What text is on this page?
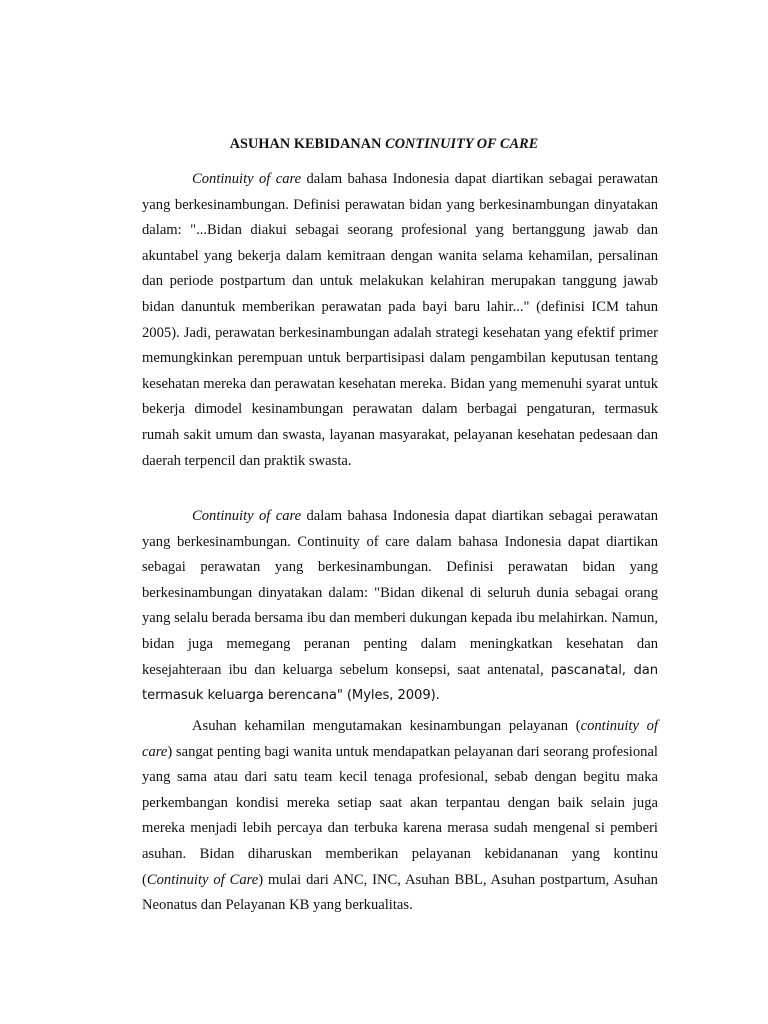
ASUHAN KEBIDANAN CONTINUITY OF CARE

Continuity of care dalam bahasa Indonesia dapat diartikan sebagai perawatan yang berkesinambungan. Definisi perawatan bidan yang berkesinambungan dinyatakan dalam: "...Bidan diakui sebagai seorang profesional yang bertanggung jawab dan akuntabel yang bekerja dalam kemitraan dengan wanita selama kehamilan, persalinan dan periode postpartum dan untuk melakukan kelahiran merupakan tanggung jawab bidan danuntuk memberikan perawatan pada bayi baru lahir..." (definisi ICM tahun 2005). Jadi, perawatan berkesinambungan adalah strategi kesehatan yang efektif primer memungkinkan perempuan untuk berpartisipasi dalam pengambilan keputusan tentang kesehatan mereka dan perawatan kesehatan mereka. Bidan yang memenuhi syarat untuk bekerja dimodel kesinambungan perawatan dalam berbagai pengaturan, termasuk rumah sakit umum dan swasta, layanan masyarakat, pelayanan kesehatan pedesaan dan daerah terpencil dan praktik swasta.

Continuity of care dalam bahasa Indonesia dapat diartikan sebagai perawatan yang berkesinambungan. Continuity of care dalam bahasa Indonesia dapat diartikan sebagai perawatan yang berkesinambungan. Definisi perawatan bidan yang berkesinambungan dinyatakan dalam: "Bidan dikenal di seluruh dunia sebagai orang yang selalu berada bersama ibu dan memberi dukungan kepada ibu melahirkan. Namun, bidan juga memegang peranan penting dalam meningkatkan kesehatan dan kesejahteraan ibu dan keluarga sebelum konsepsi, saat antenatal, pascanatal, dan termasuk keluarga berencana" (Myles, 2009).

Asuhan kehamilan mengutamakan kesinambungan pelayanan (continuity of care) sangat penting bagi wanita untuk mendapatkan pelayanan dari seorang profesional yang sama atau dari satu team kecil tenaga profesional, sebab dengan begitu maka perkembangan kondisi mereka setiap saat akan terpantau dengan baik selain juga mereka menjadi lebih percaya dan terbuka karena merasa sudah mengenal si pemberi asuhan. Bidan diharuskan memberikan pelayanan kebidananan yang kontinu (Continuity of Care) mulai dari ANC, INC, Asuhan BBL, Asuhan postpartum, Asuhan Neonatus dan Pelayanan KB yang berkualitas.
